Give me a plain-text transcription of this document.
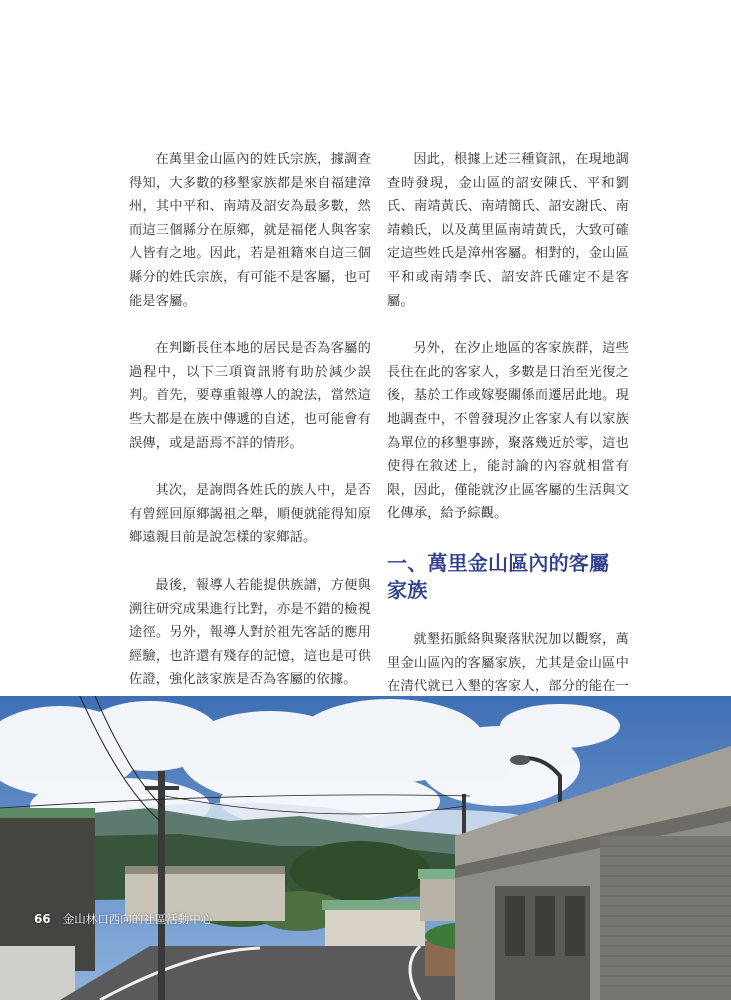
在萬里金山區內的姓氏宗族，據調查得知，大多數的移墾家族都是來自福建漳州，其中平和、南靖及詔安為最多數，然而這三個縣分在原鄉，就是福佬人與客家人皆有之地。因此，若是祖籍來自這三個縣分的姓氏宗族，有可能不是客屬，也可能是客屬。

在判斷長住本地的居民是否為客屬的過程中，以下三項資訊將有助於減少誤判。首先，要尊重報導人的說法，當然這些大都是在族中傳遞的自述，也可能會有誤傳，或是語焉不詳的情形。

其次，是詢問各姓氏的族人中，是否有曾經回原鄉謁祖之舉，順便就能得知原鄉遠親目前是說怎樣的家鄉話。

最後，報導人若能提供族譜，方便與溯往研究成果進行比對，亦是不錯的檢視途徑。另外，報導人對於祖先客話的應用經驗，也許還有殘存的記憶，這也是可供佐證，強化該家族是否為客屬的依據。

因此，根據上述三種資訊，在現地調查時發現，金山區的詔安陳氏、平和劉氏、南靖黃氏、南靖簡氏、詔安謝氏、南靖賴氏，以及萬里區南靖黃氏，大致可確定這些姓氏是漳州客屬。相對的，金山區平和或南靖李氏、詔安許氏確定不是客屬。

另外，在汐止地區的客家族群，這些長住在此的客家人，多數是日治至光復之後，基於工作或嫁娶關係而遷居此地。現地調查中，不曾發現汐止客家人有以家族為單位的移墾事跡，聚落幾近於零，這也使得在敘述上，能討論的內容就相當有限，因此，僅能就汐止區客屬的生活與文化傳承，給予綜觀。

一、萬里金山區內的客屬家族

就墾拓脈絡與聚落狀況加以觀察，萬里金山區內的客屬家族，尤其是金山區中在清代就已入墾的客家人，部分的能在一

66 金山林口西向的社區活動中心
